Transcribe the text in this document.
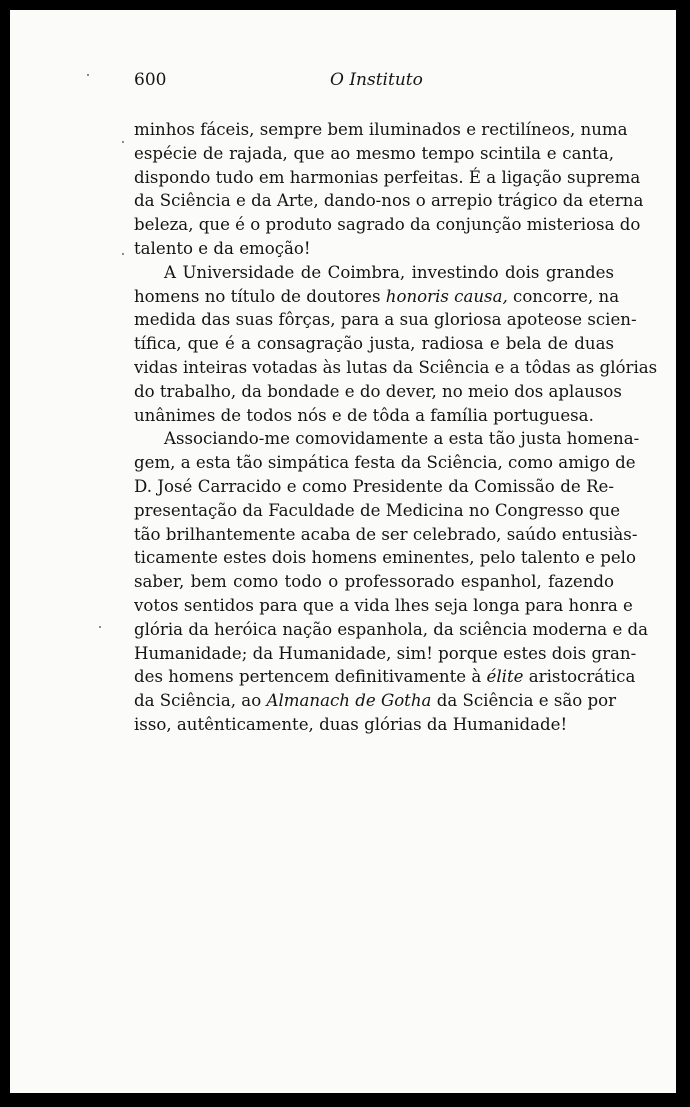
600	O Instituto

minhos fáceis, sempre bem iluminados e rectilíneos, numa
espécie de rajada, que ao mesmo tempo scintila e canta,
dispondo tudo em harmonias perfeitas. É a ligação suprema
da Sciência e da Arte, dando-nos o arrepio trágico da eterna
beleza, que é o produto sagrado da conjunção misteriosa do
talento e da emoção!

A Universidade de Coimbra, investindo dois grandes
homens no título de doutores honoris causa, concorre, na
medida das suas fôrças, para a sua gloriosa apoteose scien-
tífica, que é a consagração justa, radiosa e bela de duas
vidas inteiras votadas às lutas da Sciência e a tôdas as glórias
do trabalho, da bondade e do dever, no meio dos aplausos
unânimes de todos nós e de tôda a família portuguesa.

Associando-me comovidamente a esta tão justa homena-
gem, a esta tão simpática festa da Sciência, como amigo de
D. José Carracido e como Presidente da Comissão de Re-
presentação da Faculdade de Medicina no Congresso que
tão brilhantemente acaba de ser celebrado, saúdo entusiàs-
ticamente estes dois homens eminentes, pelo talento e pelo
saber, bem como todo o professorado espanhol, fazendo
votos sentidos para que a vida lhes seja longa para honra e
glória da heróica nação espanhola, da sciência moderna e da
Humanidade; da Humanidade, sim! porque estes dois gran-
des homens pertencem definitivamente à élite aristocrática
da Sciência, ao Almanach de Gotha da Sciência e são por
isso, autênticamente, duas glórias da Humanidade!
